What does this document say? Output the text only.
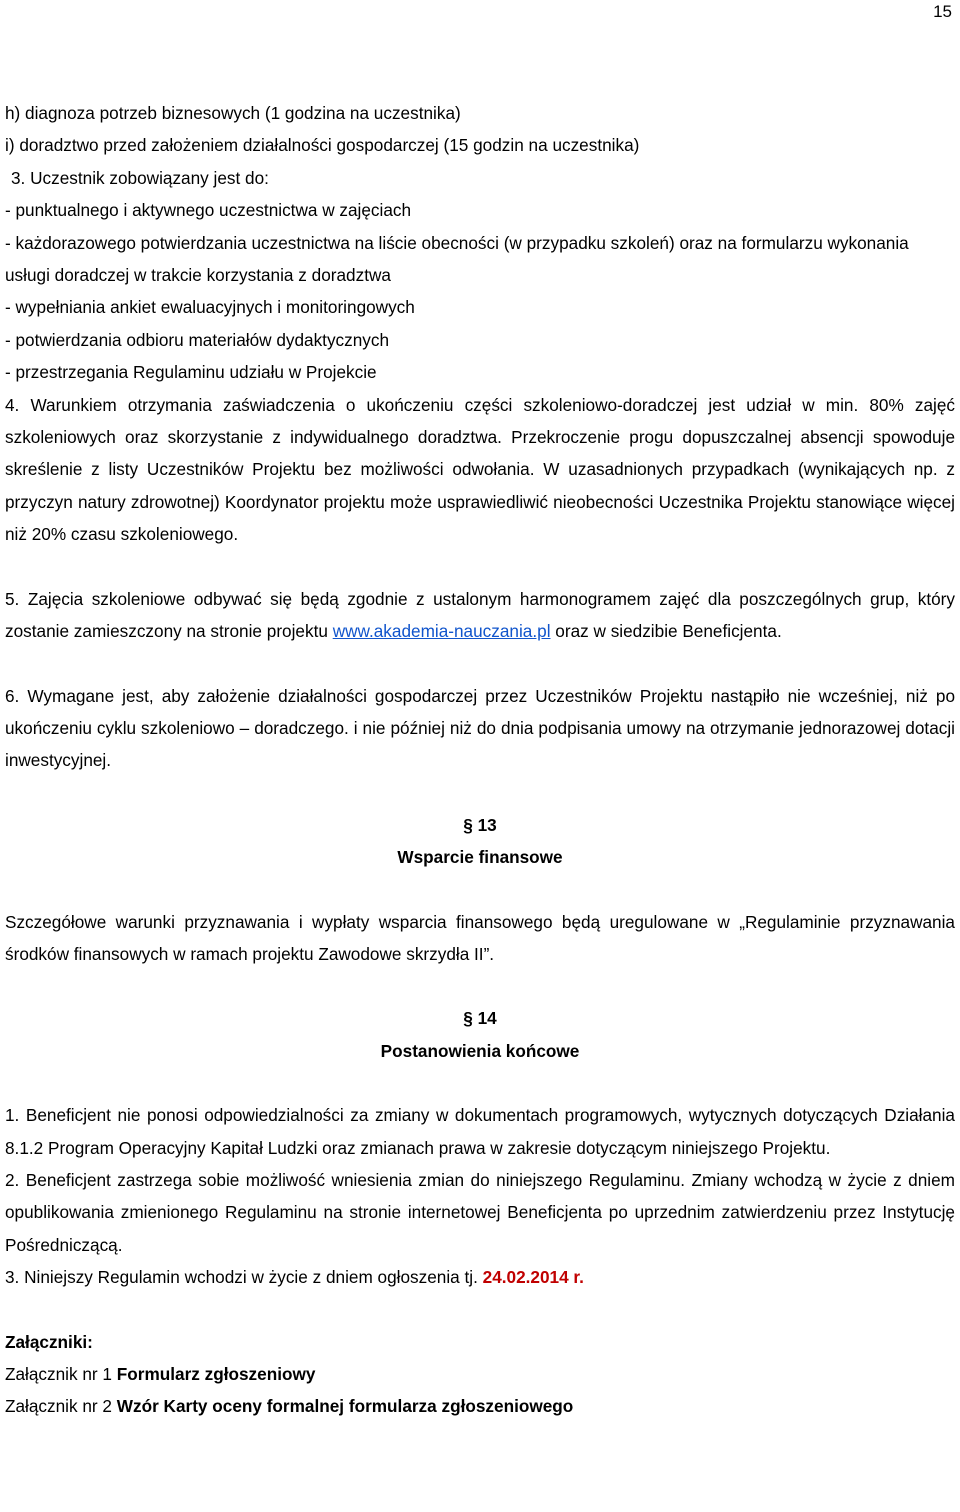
15

h) diagnoza potrzeb biznesowych (1 godzina na uczestnika)

i) doradztwo przed założeniem działalności gospodarczej (15 godzin na uczestnika)

3. Uczestnik zobowiązany jest do:

- punktualnego i aktywnego uczestnictwa w zajęciach

- każdorazowego potwierdzania uczestnictwa na liście obecności (w przypadku szkoleń) oraz na formularzu wykonania usługi doradczej w trakcie korzystania z doradztwa

- wypełniania ankiet ewaluacyjnych i monitoringowych

- potwierdzania odbioru materiałów dydaktycznych

- przestrzegania Regulaminu udziału w Projekcie

4. Warunkiem otrzymania zaświadczenia o ukończeniu części szkoleniowo-doradczej jest udział w min. 80% zajęć szkoleniowych oraz skorzystanie z indywidualnego doradztwa. Przekroczenie progu dopuszczalnej absencji spowoduje skreślenie z listy Uczestników Projektu bez możliwości odwołania. W uzasadnionych przypadkach (wynikających np. z przyczyn natury zdrowotnej) Koordynator projektu może usprawiedliwić nieobecności Uczestnika Projektu stanowiące więcej niż 20% czasu szkoleniowego.

5. Zajęcia szkoleniowe odbywać się będą zgodnie z ustalonym harmonogramem zajęć dla poszczególnych grup, który zostanie zamieszczony na stronie projektu www.akademia-nauczania.pl oraz w siedzibie Beneficjenta.

6. Wymagane jest, aby założenie działalności gospodarczej przez Uczestników Projektu nastąpiło nie wcześniej, niż po ukończeniu cyklu szkoleniowo – doradczego. i nie później niż do dnia podpisania umowy na otrzymanie jednorazowej dotacji inwestycyjnej.

§ 13

Wsparcie finansowe

Szczegółowe warunki przyznawania i wypłaty wsparcia finansowego będą uregulowane w „Regulaminie przyznawania środków finansowych w ramach projektu Zawodowe skrzydła II”.

§ 14

Postanowienia końcowe

1. Beneficjent nie ponosi odpowiedzialności za zmiany w dokumentach programowych, wytycznych dotyczących Działania 8.1.2 Program Operacyjny Kapitał Ludzki oraz zmianach prawa w zakresie dotyczącym niniejszego Projektu.

2. Beneficjent zastrzega sobie możliwość wniesienia zmian do niniejszego Regulaminu. Zmiany wchodzą w życie z dniem opublikowania zmienionego Regulaminu na stronie internetowej Beneficjenta po uprzednim zatwierdzeniu przez Instytucję Pośredniczącą.

3. Niniejszy Regulamin wchodzi w życie z dniem ogłoszenia tj. 24.02.2014 r.

Załączniki:

Załącznik nr 1 Formularz zgłoszeniowy

Załącznik nr 2 Wzór Karty oceny formalnej formularza zgłoszeniowego
